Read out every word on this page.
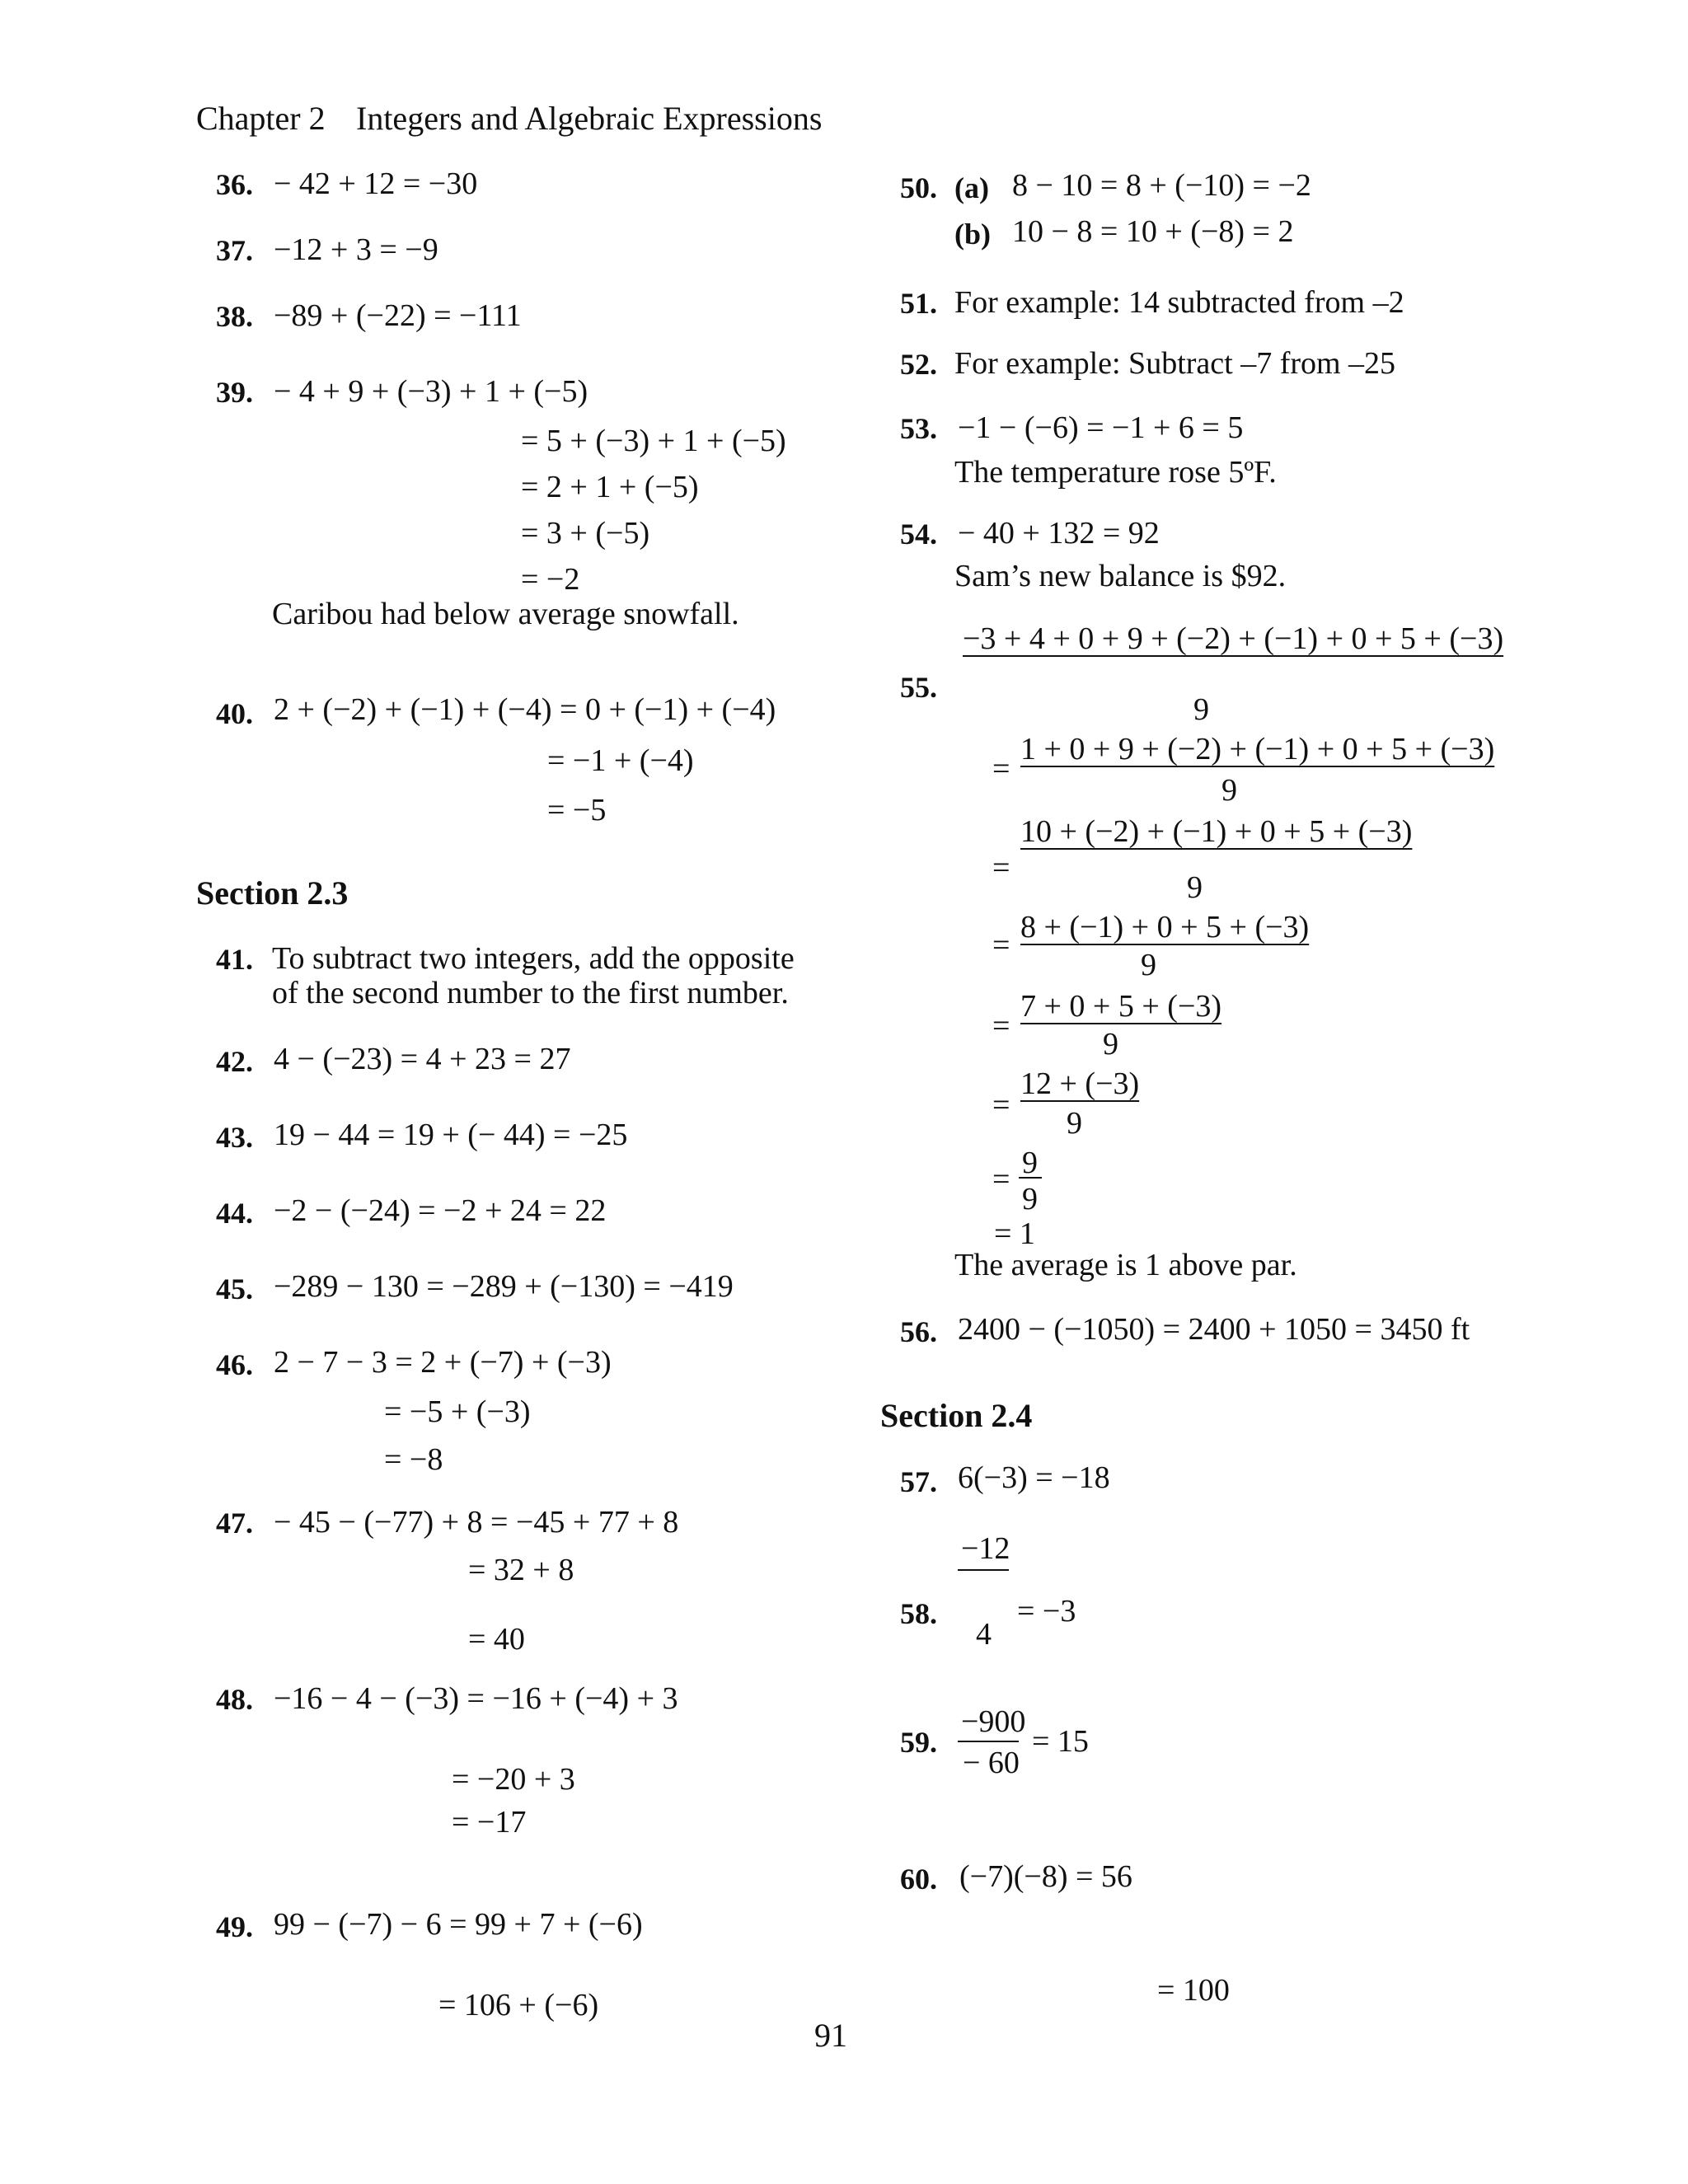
Chapter 2 Integers and Algebraic Expressions
36. − 42 + 12 = −30
37. −12 + 3 = −9
38. −89 + (−22) = −111
39. − 4 + 9 + (−3) + 1 + (−5)
= 5 + (−3) + 1 + (−5)
= 2 + 1 + (−5)
= 3 + (−5)
= −2
Caribou had below average snowfall.
40. 2 + (−2) + (−1) + (−4) = 0 + (−1) + (−4)
= −1 + (−4)
= −5
Section 2.3
41. To subtract two integers, add the opposite
of the second number to the first number.
42. 4 − (−23) = 4 + 23 = 27
43. 19 − 44 = 19 + (− 44) = −25
44. −2 − (−24) = −2 + 24 = 22
45. −289 − 130 = −289 + (−130) = −419
46. 2 − 7 − 3 = 2 + (−7) + (−3)
= −5 + (−3)
= −8
47. − 45 − (−77) + 8 = −45 + 77 + 8
= 32 + 8
= 40
48. −16 − 4 − (−3) = −16 + (−4) + 3
= −20 + 3
= −17
49. 99 − (−7) − 6 = 99 + 7 + (−6)
= 106 + (−6)
50. (a) 8 − 10 = 8 + (−10) = −2
(b) 10 − 8 = 10 + (−8) = 2
51. For example: 14 subtracted from –2
52. For example: Subtract –7 from –25
53. −1 − (−6) = −1 + 6 = 5
The temperature rose 5ºF.
54. − 40 + 132 = 92
Sam’s new balance is $92.
55.
−3 + 4 + 0 + 9 + (−2) + (−1) + 0 + 5 + (−3)
9
=
1 + 0 + 9 + (−2) + (−1) + 0 + 5 + (−3)
9
=
10 + (−2) + (−1) + 0 + 5 + (−3)
9
=
8 + (−1) + 0 + 5 + (−3)
9
=
7 + 0 + 5 + (−3)
9
=
12 + (−3)
9
= 9
9
= 1
The average is 1 above par.
56. 2400 − (−1050) = 2400 + 1050 = 3450 ft
Section 2.4
57. 6(−3) = −18
−12
58.	= −3
4
−900
59.	= 15
− 60
60. (−7)(−8) = 56
= 100
91
